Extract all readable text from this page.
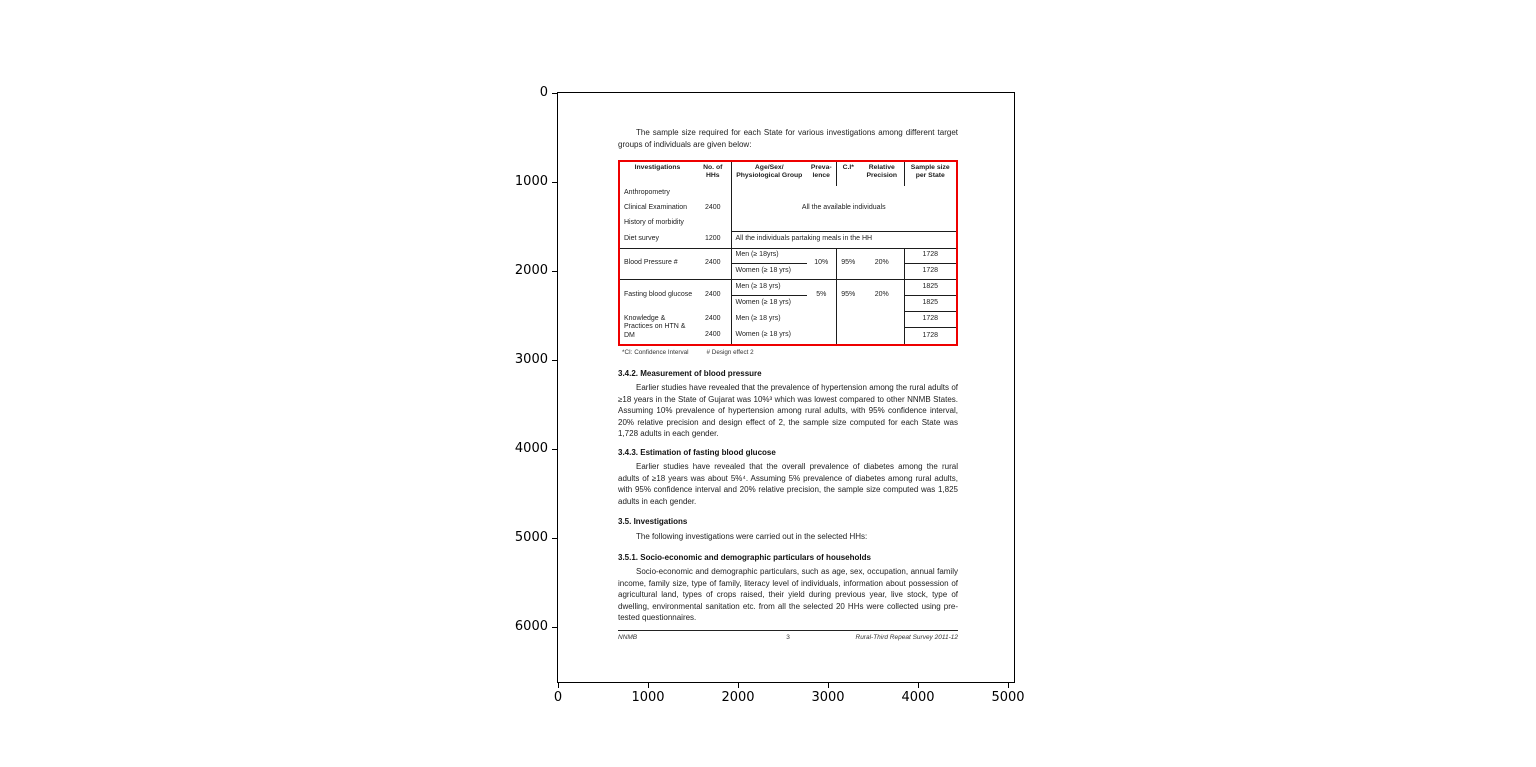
0
1000
2000
3000
4000
5000
6000
0	1000	2000	3000	4000	5000
The sample size required for each State for various investigations among different target groups of individuals are given below:
Investigations	No. of HHs	Age/Sex/ Physiological Group	Preva-lence	C.I*	Relative Precision	Sample size per State
Anthropometry		All the available individuals				
Clinical Examination	2400					
History of morbidity						
Diet survey	1200	All the individuals partaking meals in the HH				
Blood Pressure #	2400	Men (≥ 18yrs)	10%	95%	20%	1728
		Women (≥ 18 yrs)				1728
Fasting blood glucose	2400	Men (≥ 18 yrs)	5%	95%	20%	1825
		Women (≥ 18 yrs)				1825
Knowledge & Practices on HTN & DM	2400	Men (≥ 18 yrs)				1728
	2400	Women (≥ 18 yrs)				1728
*CI: Confidence Interval	# Design effect 2
3.4.2. Measurement of blood pressure
Earlier studies have revealed that the prevalence of hypertension among the rural adults of ≥18 years in the State of Gujarat was 10%³ which was lowest compared to other NNMB States. Assuming 10% prevalence of hypertension among rural adults, with 95% confidence interval, 20% relative precision and design effect of 2, the sample size computed for each State was 1,728 adults in each gender.
3.4.3. Estimation of fasting blood glucose
Earlier studies have revealed that the overall prevalence of diabetes among the rural adults of ≥18 years was about 5%⁴. Assuming 5% prevalence of diabetes among rural adults, with 95% confidence interval and 20% relative precision, the sample size computed was 1,825 adults in each gender.
3.5. Investigations
The following investigations were carried out in the selected HHs:
3.5.1. Socio-economic and demographic particulars of households
Socio-economic and demographic particulars, such as age, sex, occupation, annual family income, family size, type of family, literacy level of individuals, information about possession of agricultural land, types of crops raised, their yield during previous year, live stock, type of dwelling, environmental sanitation etc. from all the selected 20 HHs were collected using pre-tested questionnaires.
NNMB	3	Rural-Third Repeat Survey 2011-12
